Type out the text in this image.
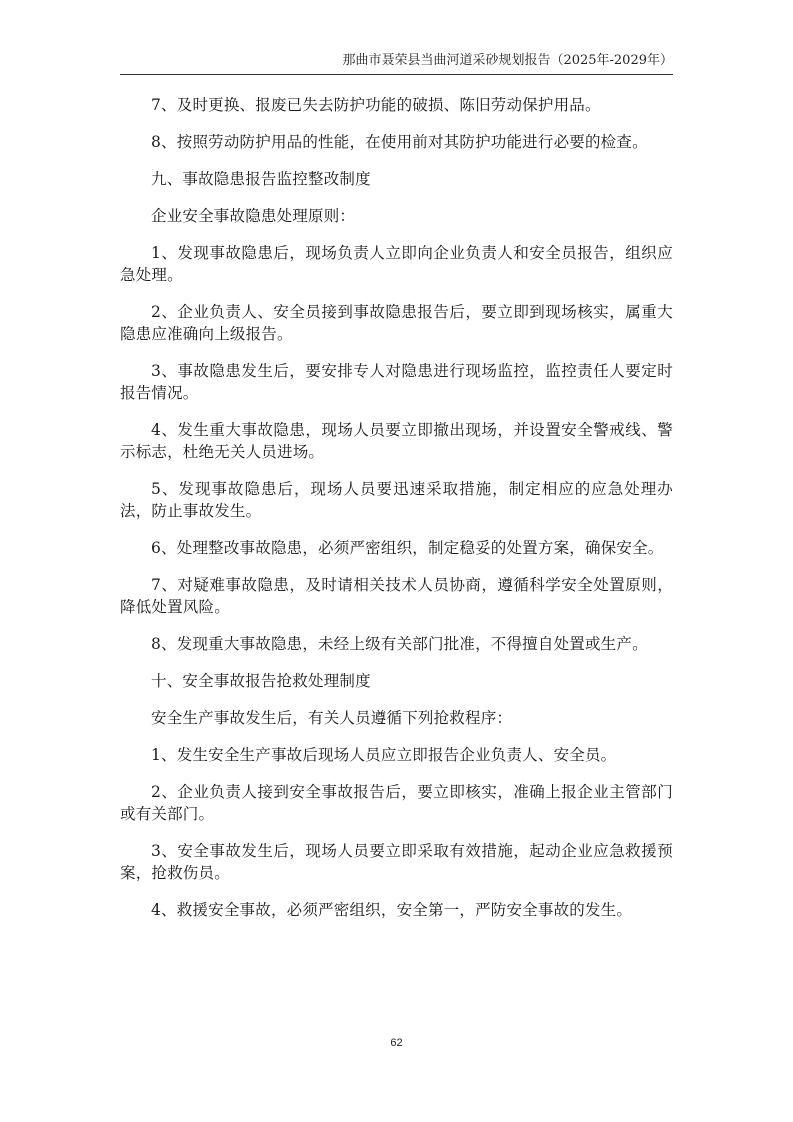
那曲市聂荣县当曲河道采砂规划报告（2025年-2029年）

7、及时更换、报废已失去防护功能的破损、陈旧劳动保护用品。

8、按照劳动防护用品的性能，在使用前对其防护功能进行必要的检查。

九、事故隐患报告监控整改制度

企业安全事故隐患处理原则：

1、发现事故隐患后，现场负责人立即向企业负责人和安全员报告，组织应急处理。

2、企业负责人、安全员接到事故隐患报告后，要立即到现场核实，属重大隐患应准确向上级报告。

3、事故隐患发生后，要安排专人对隐患进行现场监控，监控责任人要定时报告情况。

4、发生重大事故隐患，现场人员要立即撤出现场，并设置安全警戒线、警示标志，杜绝无关人员进场。

5、发现事故隐患后，现场人员要迅速采取措施，制定相应的应急处理办法，防止事故发生。

6、处理整改事故隐患，必须严密组织，制定稳妥的处置方案，确保安全。

7、对疑难事故隐患，及时请相关技术人员协商，遵循科学安全处置原则，降低处置风险。

8、发现重大事故隐患，未经上级有关部门批准，不得擅自处置或生产。

十、安全事故报告抢救处理制度

安全生产事故发生后，有关人员遵循下列抢救程序：

1、发生安全生产事故后现场人员应立即报告企业负责人、安全员。

2、企业负责人接到安全事故报告后，要立即核实，准确上报企业主管部门或有关部门。

3、安全事故发生后，现场人员要立即采取有效措施，起动企业应急救援预案，抢救伤员。

4、救援安全事故，必须严密组织，安全第一，严防安全事故的发生。

62
